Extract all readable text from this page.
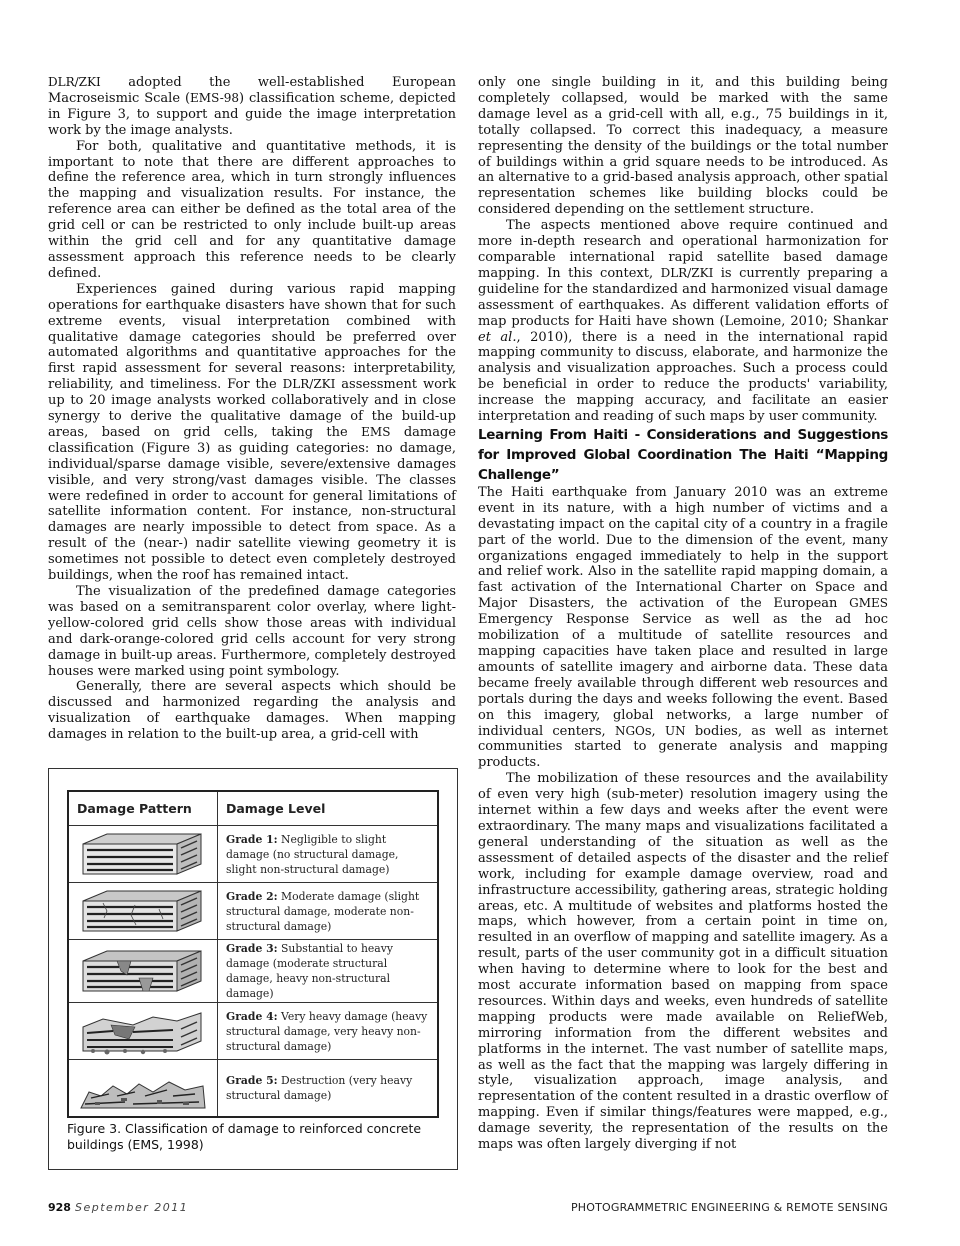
DLR/ZKI adopted the well-established European Macroseismic Scale (EMS-98) classification scheme, depicted in Figure 3, to support and guide the image interpretation work by the image analysts.

For both, qualitative and quantitative methods, it is important to note that there are different approaches to define the reference area, which in turn strongly influences the mapping and visualization results. For instance, the reference area can either be defined as the total area of the grid cell or can be restricted to only include built-up areas within the grid cell and for any quantitative damage assessment approach this reference needs to be clearly defined.

Experiences gained during various rapid mapping operations for earthquake disasters have shown that for such extreme events, visual interpretation combined with qualitative damage categories should be preferred over automated algorithms and quantitative approaches for the first rapid assessment for several reasons: interpretability, reliability, and timeliness. For the DLR/ZKI assessment work up to 20 image analysts worked collaboratively and in close synergy to derive the qualitative damage of the build-up areas, based on grid cells, taking the EMS damage classification (Figure 3) as guiding categories: no damage, individual/sparse damage visible, severe/extensive damages visible, and very strong/vast damages visible. The classes were redefined in order to account for general limitations of satellite information content. For instance, non-structural damages are nearly impossible to detect from space. As a result of the (near-) nadir satellite viewing geometry it is sometimes not possible to detect even completely destroyed buildings, when the roof has remained intact.

The visualization of the predefined damage categories was based on a semitransparent color overlay, where light-yellow-colored grid cells show those areas with individual and dark-orange-colored grid cells account for very strong damage in built-up areas. Furthermore, completely destroyed houses were marked using point symbology.

Generally, there are several aspects which should be discussed and harmonized regarding the analysis and visualization of earthquake damages. When mapping damages in relation to the built-up area, a grid-cell with

Damage Pattern	Damage Level

	Grade 1: Negligible to slight damage (no structural damage, slight non-structural damage)

	Grade 2: Moderate damage (slight structural damage, moderate non-structural damage)

	Grade 3: Substantial to heavy damage (moderate structural damage, heavy non-structural damage)

	Grade 4: Very heavy damage (heavy structural damage, very heavy non-structural damage)

	Grade 5: Destruction (very heavy structural damage)

Figure 3. Classification of damage to reinforced concrete buildings (EMS, 1998)

only one single building in it, and this building being completely collapsed, would be marked with the same damage level as a grid-cell with all, e.g., 75 buildings in it, totally collapsed. To correct this inadequacy, a measure representing the density of the buildings or the total number of buildings within a grid square needs to be introduced. As an alternative to a grid-based analysis approach, other spatial representation schemes like building blocks could be considered depending on the settlement structure.

The aspects mentioned above require continued and more in-depth research and operational harmonization for comparable international rapid satellite based damage mapping. In this context, DLR/ZKI is currently preparing a guideline for the standardized and harmonized visual damage assessment of earthquakes. As different validation efforts of map products for Haiti have shown (Lemoine, 2010; Shankar et al., 2010), there is a need in the international rapid mapping community to discuss, elaborate, and harmonize the analysis and visualization approaches. Such a process could be beneficial in order to reduce the products' variability, increase the mapping accuracy, and facilitate an easier interpretation and reading of such maps by user community.

Learning From Haiti - Considerations and Suggestions for Improved Global Coordination The Haiti “Mapping Challenge”

The Haiti earthquake from January 2010 was an extreme event in its nature, with a high number of victims and a devastating impact on the capital city of a country in a fragile part of the world. Due to the dimension of the event, many organizations engaged immediately to help in the support and relief work. Also in the satellite rapid mapping domain, a fast activation of the International Charter on Space and Major Disasters, the activation of the European GMES Emergency Response Service as well as the ad hoc mobilization of a multitude of satellite resources and mapping capacities have taken place and resulted in large amounts of satellite imagery and airborne data. These data became freely available through different web resources and portals during the days and weeks following the event. Based on this imagery, global networks, a large number of individual centers, NGOs, UN bodies, as well as internet communities started to generate analysis and mapping products.

The mobilization of these resources and the availability of even very high (sub-meter) resolution imagery using the internet within a few days and weeks after the event were extraordinary. The many maps and visualizations facilitated a general understanding of the situation as well as the assessment of detailed aspects of the disaster and the relief work, including for example damage overview, road and infrastructure accessibility, gathering areas, strategic holding areas, etc. A multitude of websites and platforms hosted the maps, which however, from a certain point in time on, resulted in an overflow of mapping and satellite imagery. As a result, parts of the user community got in a difficult situation when having to determine where to look for the best and most accurate information based on mapping from space resources. Within days and weeks, even hundreds of satellite mapping products were made available on ReliefWeb, mirroring information from the different websites and platforms in the internet. The vast number of satellite maps, as well as the fact that the mapping was largely differing in style, visualization approach, image analysis, and representation of the content resulted in a drastic overflow of mapping. Even if similar things/features were mapped, e.g., damage severity, the representation of the results on the maps was often largely diverging if not

928 September 2011	PHOTOGRAMMETRIC ENGINEERING & REMOTE SENSING
